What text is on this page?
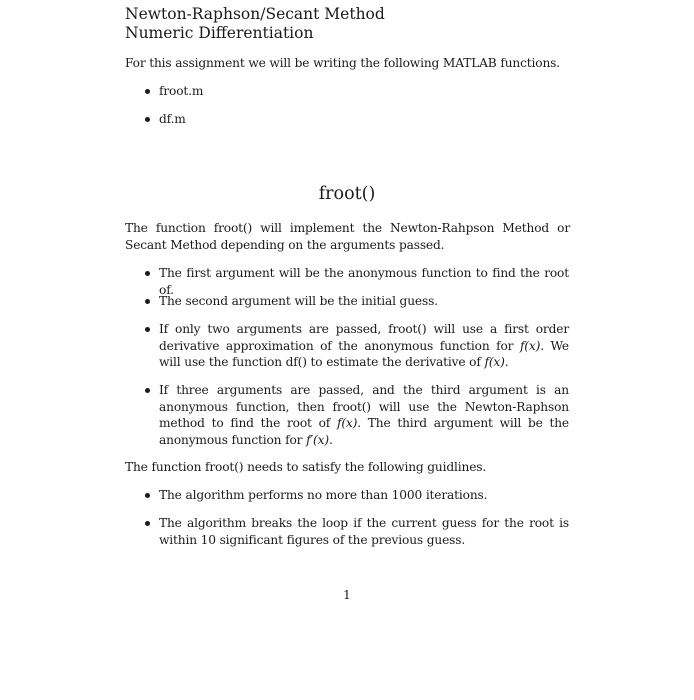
Newton-Raphson/Secant Method
Numeric Differentiation
For this assignment we will be writing the following MATLAB functions.
froot.m
df.m
froot()
The function froot() will implement the Newton-Rahpson Method or Secant Method depending on the arguments passed.
The first argument will be the anonymous function to find the root of.
The second argument will be the initial guess.
If only two arguments are passed, froot() will use a first order derivative approximation of the anonymous function for f(x). We will use the function df() to estimate the derivative of f(x).
If three arguments are passed, and the third argument is an anonymous function, then froot() will use the Newton-Raphson method to find the root of f(x). The third argument will be the anonymous function for f′(x).
The function froot() needs to satisfy the following guidlines.
The algorithm performs no more than 1000 iterations.
The algorithm breaks the loop if the current guess for the root is within 10 significant figures of the previous guess.
1
